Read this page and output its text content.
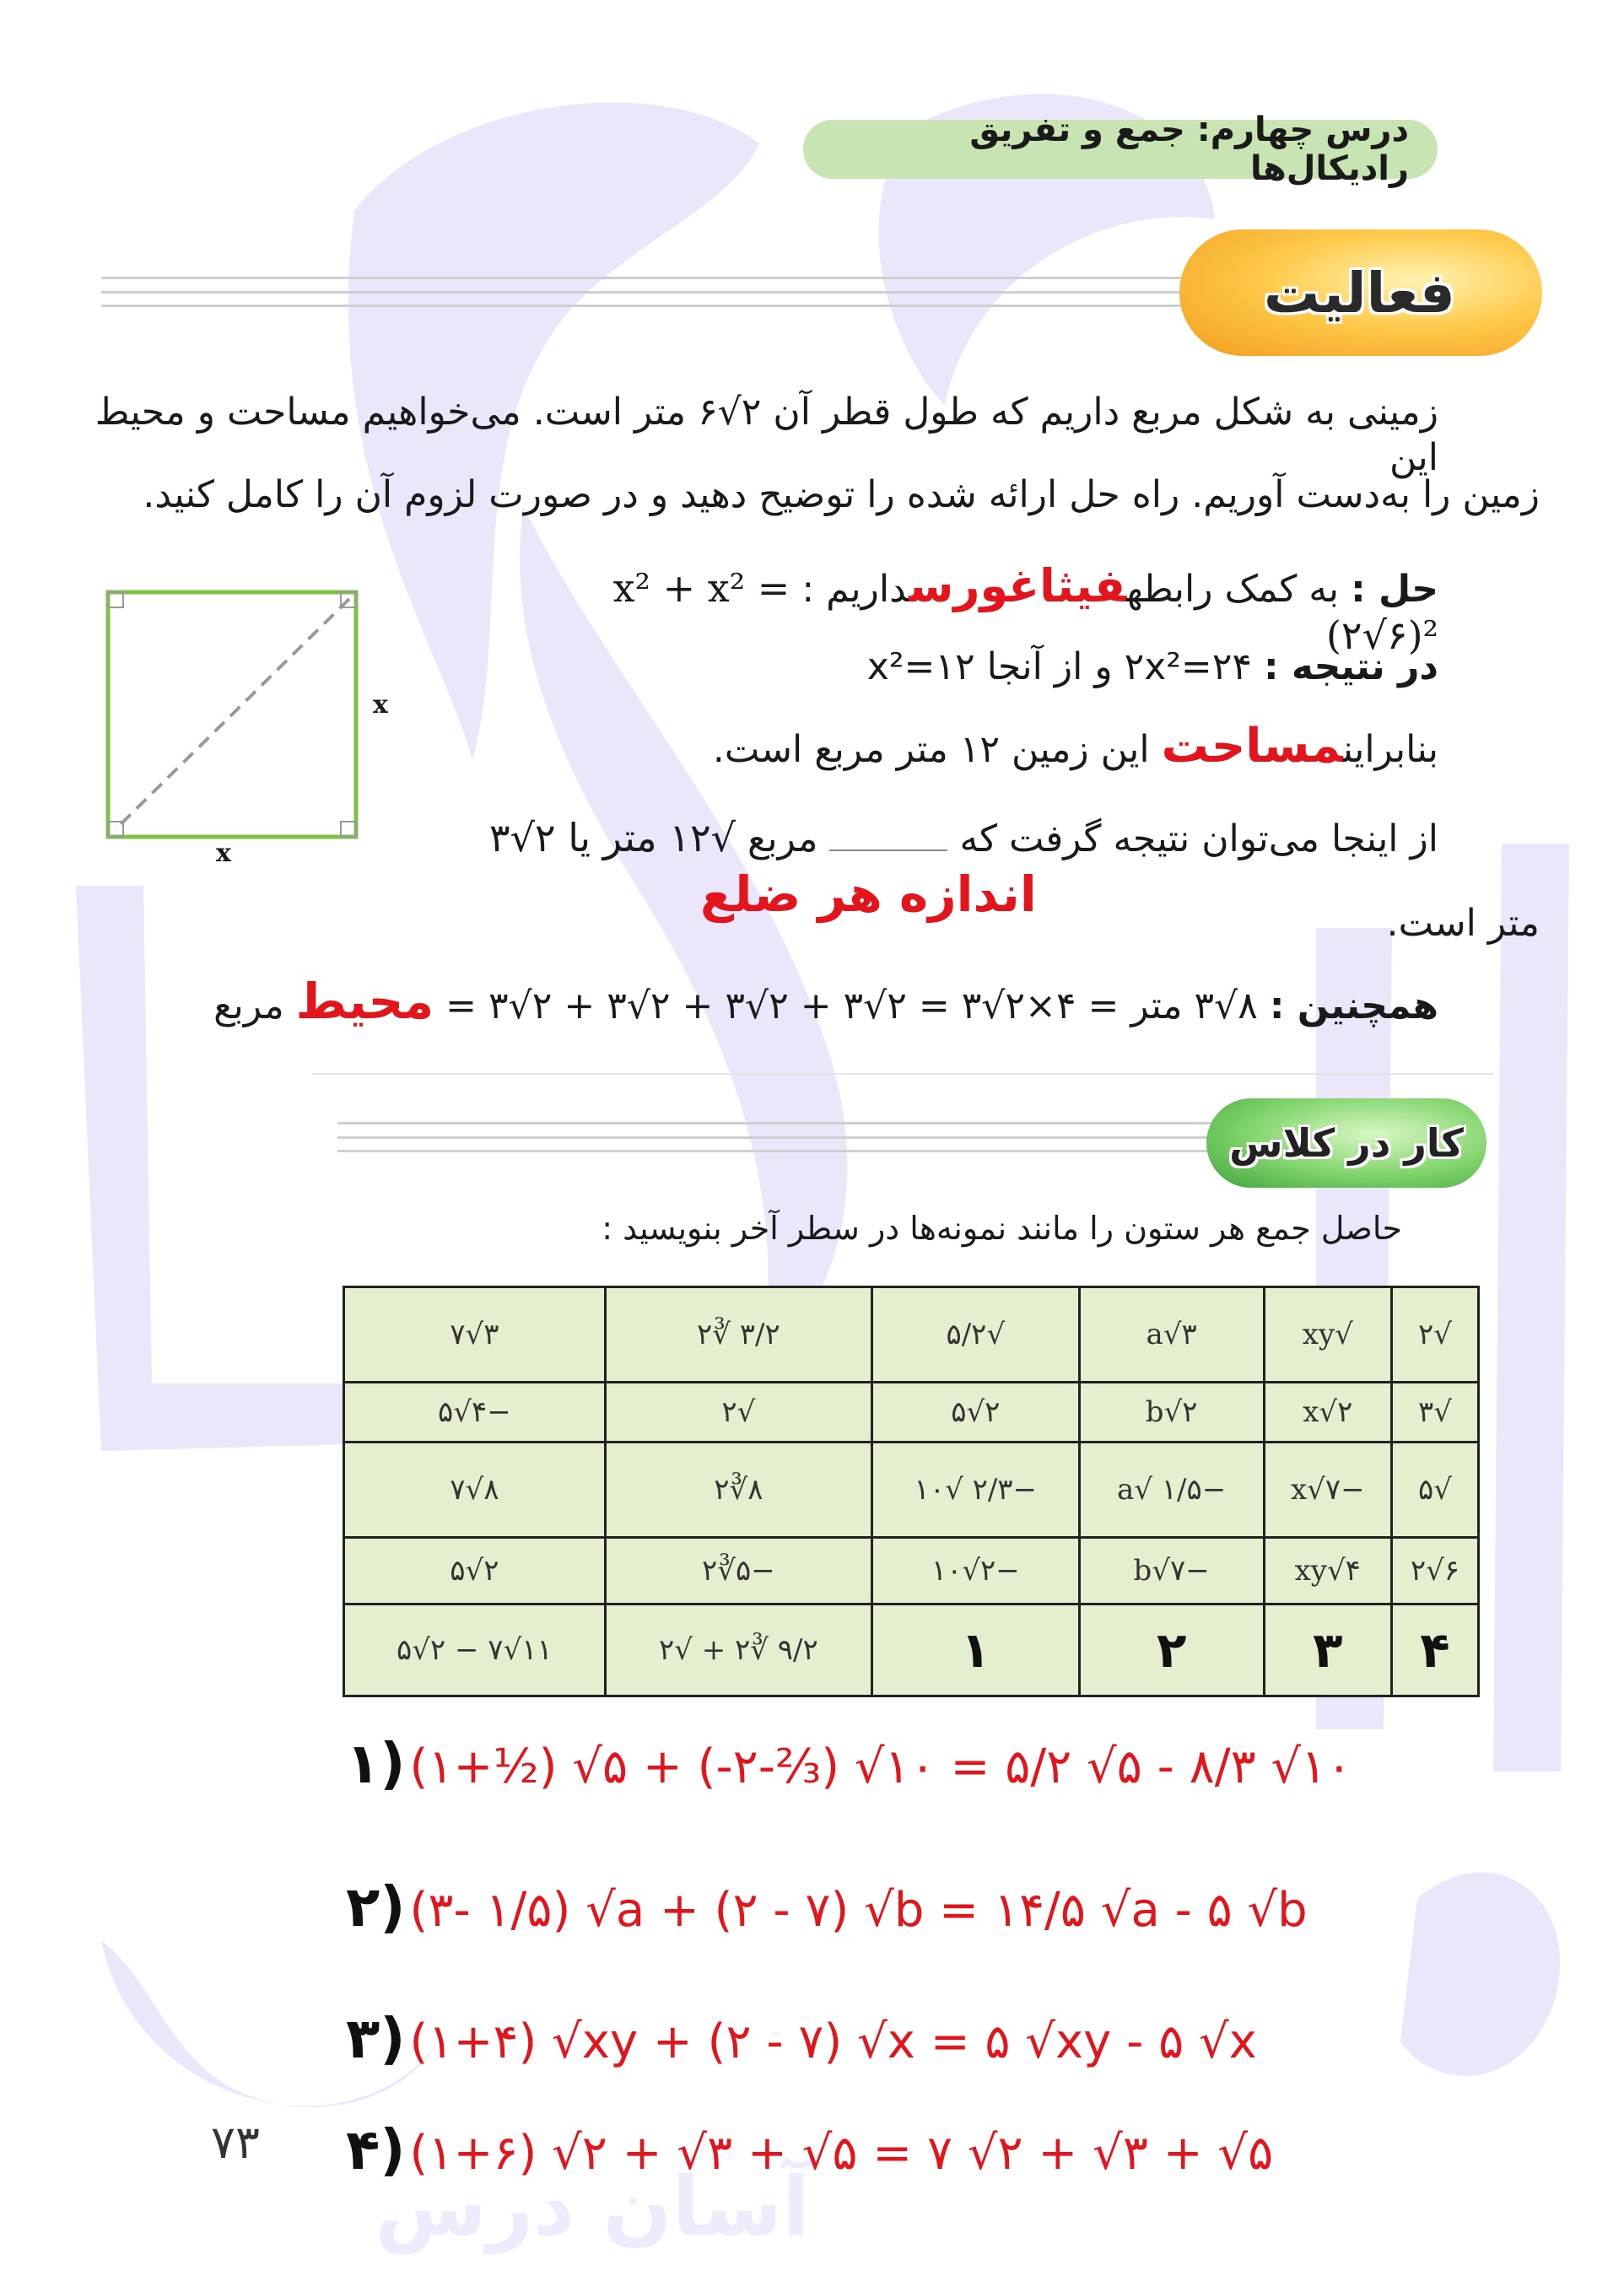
درس چهارم: جمع و تفریق رادیکال‌ها
فعالیت
زمینی به شکل مربع داریم که طول قطر آن ۲√۶ متر است. می‌خواهیم مساحت و محیط این
زمین را به‌دست آوریم. راه حل ارائه شده را توضیح دهید و در صورت لزوم آن را کامل کنید.
x
x
حل : به کمک رابطهفیثاغورسداریم : x² + x² = (۲√۶)²
در نتیجه : ۲۴=۲x² و از آنجا ۱۲=x²
بنابراینمساحت این زمین ۱۲ متر مربع است.
از اینجا می‌توان نتیجه گرفت که  مربع √۱۲ متر یا ۲√۳
اندازه هر ضلع
متر است.
همچنین : ۸√۳ متر = ۴×۲√۳ = ۲√۳ + ۲√۳ + ۲√۳ + ۲√۳ = محیط مربع
کار در کلاس
حاصل جمع هر ستون را مانند نمونه‌ها در سطر آخر بنویسید :
√۲	√xy	۳√a	√۵/۲	۳/۲ ∛۲	۳√۷
√۳	۲√x	۲√b	۲√۵	√۲	−۴√۵
√۵	−۷√x	−۱/۵ √a	−۲/۳ √۱۰	۸∛۲	۸√۷
۶√۲	۴√xy	−۷√b	−۲√۱۰	−۵∛۲	۲√۵
۴	۳	۲	۱	۹/۲ ∛۲ + √۲	۱۱√۷ − ۲√۵
۱) (۱+½) √۵ + (-۲-⅔) √۱۰ = ۵/۲ √۵ - ۸/۳ √۱۰
۲) (۳- ۱/۵) √a + (۲ - ۷) √b = ۱۴/۵ √a - ۵ √b
۳) (۱+۴) √xy + (۲ - ۷) √x = ۵ √xy - ۵ √x
۴) (۱+۶) √۲ + √۳ + √۵ = ۷ √۲ + √۳ + √۵
۷۳
آسان درس
